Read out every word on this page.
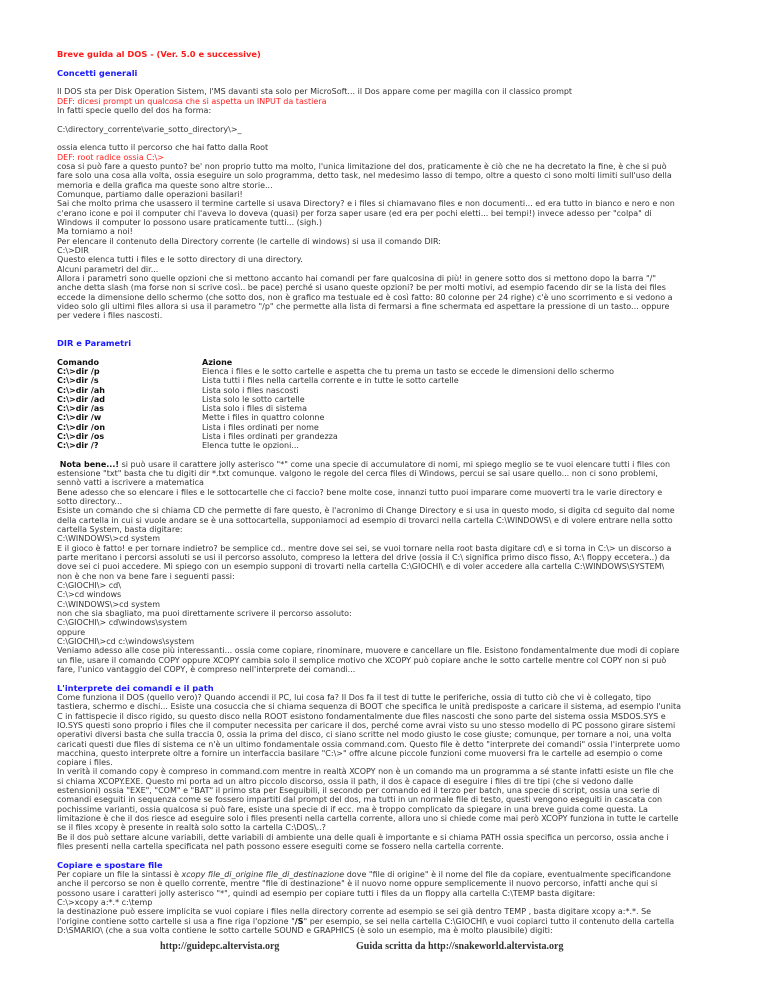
Breve guida al DOS - (Ver. 5.0 e successive)
Concetti generali
Il DOS sta per Disk Operation Sistem, l'MS davanti sta solo per MicroSoft... il Dos appare come per magilla con il classico prompt
DEF: dicesi prompt un qualcosa che si aspetta un INPUT da tastiera
In fatti specie quello del dos ha forma:
C:\directory_corrente\varie_sotto_directory\>_
ossia elenca tutto il percorso che hai fatto dalla Root
DEF: root radice ossia C:\>
cosa si può fare a questo punto? be' non proprio tutto ma molto, l'unica limitazione del dos, praticamente è ciò che ne ha decretato la fine, è che si può
fare solo una cosa alla volta, ossia eseguire un solo programma, detto task, nel medesimo lasso di tempo, oltre a questo ci sono molti limiti sull'uso della
memoria e della grafica ma queste sono altre storie...
Comunque, partiamo dalle operazioni basilari!
Sai che molto prima che usassero il termine cartelle si usava Directory? e i files si chiamavano files e non documenti... ed era tutto in bianco e nero e non
c'erano icone e poi il computer chi l'aveva lo doveva (quasi) per forza saper usare (ed era per pochi eletti... bei tempi!) invece adesso per "colpa" di
Windows il computer lo possono usare praticamente tutti... (sigh.)
Ma torniamo a noi!
Per elencare il contenuto della Directory corrente (le cartelle di windows) si usa il comando DIR:
C:\>DIR
Questo elenca tutti i files e le sotto directory di una directory.
Alcuni parametri del dir...
Allora i parametri sono quelle opzioni che si mettono accanto hai comandi per fare qualcosina di più! in genere sotto dos si mettono dopo la barra "/"
anche detta slash (ma forse non si scrive così.. be pace) perché si usano queste opzioni? be per molti motivi, ad esempio facendo dir se la lista dei files
eccede la dimensione dello schermo (che sotto dos, non è grafico ma testuale ed è così fatto: 80 colonne per 24 righe) c'è uno scorrimento e si vedono a
video solo gli ultimi files allora si usa il parametro "/p" che permette alla lista di fermarsi a fine schermata ed aspettare la pressione di un tasto... oppure
per vedere i files nascosti.
DIR e Parametri
Comando	Azione
C:\>dir /p	Elenca i files e le sotto cartelle e aspetta che tu prema un tasto se eccede le dimensioni dello schermo
C:\>dir /s	Lista tutti i files nella cartella corrente e in tutte le sotto cartelle
C:\>dir /ah	Lista solo i files nascosti
C:\>dir /ad	Lista solo le sotto cartelle
C:\>dir /as	Lista solo i files di sistema
C:\>dir /w	Mette i files in quattro colonne
C:\>dir /on	Lista i files ordinati per nome
C:\>dir /os	Lista i files ordinati per grandezza
C:\>dir /?	Elenca tutte le opzioni...
Nota bene...! si può usare il carattere jolly asterisco "*" come una specie di accumulatore di nomi, mi spiego meglio se te vuoi elencare tutti i files con
estensione "txt" basta che tu digiti dir *.txt comunque. valgono le regole del cerca files di Windows, percui se sai usare quello... non ci sono problemi,
sennò vatti a iscrivere a matematica
Bene adesso che so elencare i files e le sottocartelle che ci faccio? bene molte cose, innanzi tutto puoi imparare come muoverti tra le varie directory e
sotto directory...
Esiste un comando che si chiama CD che permette di fare questo, è l'acronimo di Change Directory e si usa in questo modo, si digita cd seguito dal nome
della cartella in cui si vuole andare se è una sottocartella, supponiamoci ad esempio di trovarci nella cartella C:\WINDOWS\ e di volere entrare nella sotto
cartella System, basta digitare:
C:\WINDOWS\>cd system
E il gioco è fatto! e per tornare indietro? be semplice cd.. mentre dove sei sei, se vuoi tornare nella root basta digitare cd\ e si torna in C:\> un discorso a
parte meritano i percorsi assoluti se usi il percorso assoluto, compreso la lettera del drive (ossia il C:\ significa primo disco fisso, A:\ floppy eccetera..) da
dove sei ci puoi accedere. Mi spiego con un esempio supponi di trovarti nella cartella C:\GIOCHI\ e di voler accedere alla cartella C:\WINDOWS\SYSTEM\
non è che non va bene fare i seguenti passi:
C:\GIOCHI\> cd\
C:\>cd windows
C:\WINDOWS\>cd system
non che sia sbagliato, ma puoi direttamente scrivere il percorso assoluto:
C:\GIOCHI\> cd\windows\system
oppure
C:\GIOCHI\>cd c:\windows\system
Veniamo adesso alle cose più interessanti... ossia come copiare, rinominare, muovere e cancellare un file. Esistono fondamentalmente due modi di copiare
un file, usare il comando COPY oppure XCOPY cambia solo il semplice motivo che XCOPY può copiare anche le sotto cartelle mentre col COPY non si può
fare, l'unico vantaggio del COPY, è compreso nell'interprete dei comandi...
L'interprete dei comandi e il path
Come funziona il DOS (quello vero)? Quando accendi il PC, lui cosa fa? Il Dos fa il test di tutte le periferiche, ossia di tutto ciò che vi è collegato, tipo
tastiera, schermo e dischi... Esiste una cosuccia che si chiama sequenza di BOOT che specifica le unità predisposte a caricare il sistema, ad esempio l'unita
C in fattispecie il disco rigido, su questo disco nella ROOT esistono fondamentalmente due files nascosti che sono parte del sistema ossia MSDOS.SYS e
IO.SYS questi sono proprio i files che il computer necessita per caricare il dos, perché come avrai visto su uno stesso modello di PC possono girare sistemi
operativi diversi basta che sulla traccia 0, ossia la prima del disco, ci siano scritte nel modo giusto le cose giuste; comunque, per tornare a noi, una volta
caricati questi due files di sistema ce n'è un ultimo fondamentale ossia command.com. Questo file è detto "interprete dei comandi" ossia l'interprete uomo
macchina, questo interprete oltre a fornire un interfaccia basilare "C:\>" offre alcune piccole funzioni come muoversi fra le cartelle ad esempio o come
copiare i files.
In verità il comando copy è compreso in command.com mentre in realtà XCOPY non è un comando ma un programma a sé stante infatti esiste un file che
si chiama XCOPY.EXE. Questo mi porta ad un altro piccolo discorso, ossia il path, il dos è capace di eseguire i files di tre tipi (che si vedono dalle
estensioni) ossia "EXE", "COM" e "BAT" il primo sta per Eseguibili, il secondo per comando ed il terzo per batch, una specie di script, ossia una serie di
comandi eseguiti in sequenza come se fossero impartiti dal prompt del dos, ma tutti in un normale file di testo, questi vengono eseguiti in cascata con
pochissime varianti, ossia qualcosa si può fare, esiste una specie di if ecc. ma è troppo complicato da spiegare in una breve guida come questa. La
limitazione è che il dos riesce ad eseguire solo i files presenti nella cartella corrente, allora uno si chiede come mai però XCOPY funziona in tutte le cartelle
se il files xcopy è presente in realtà solo sotto la cartella C:\DOS\..?
Be il dos può settare alcune variabili, dette variabili di ambiente una delle quali è importante e si chiama PATH ossia specifica un percorso, ossia anche i
files presenti nella cartella specificata nel path possono essere eseguiti come se fossero nella cartella corrente.
Copiare e spostare file
Per copiare un file la sintassi è xcopy file_di_origine file_di_destinazione dove "file di origine" è il nome del file da copiare, eventualmente specificandone
anche il percorso se non è quello corrente, mentre "file di destinazione" è il nuovo nome oppure semplicemente il nuovo percorso, infatti anche qui si
possono usare i caratteri jolly asterisco "*", quindi ad esempio per copiare tutti i files da un floppy alla cartella C:\TEMP basta digitare:
C:\>xcopy a:*.* c:\temp
la destinazione può essere implicita se vuoi copiare i files nella directory corrente ad esempio se sei già dentro TEMP , basta digitare xcopy a:*.*. Se
l'origine contiene sotto cartelle si usa a fine riga l'opzione "/S" per esempio, se sei nella cartella C:\GIOCHI\ e vuoi copiarci tutto il contenuto della cartella
D:\SMARIO\ (che a sua volta contiene le sotto cartelle SOUND e GRAPHICS (è solo un esempio, ma è molto plausibile) digiti:
http://guidepc.altervista.org	Guida scritta da http://snakeworld.altervista.org
